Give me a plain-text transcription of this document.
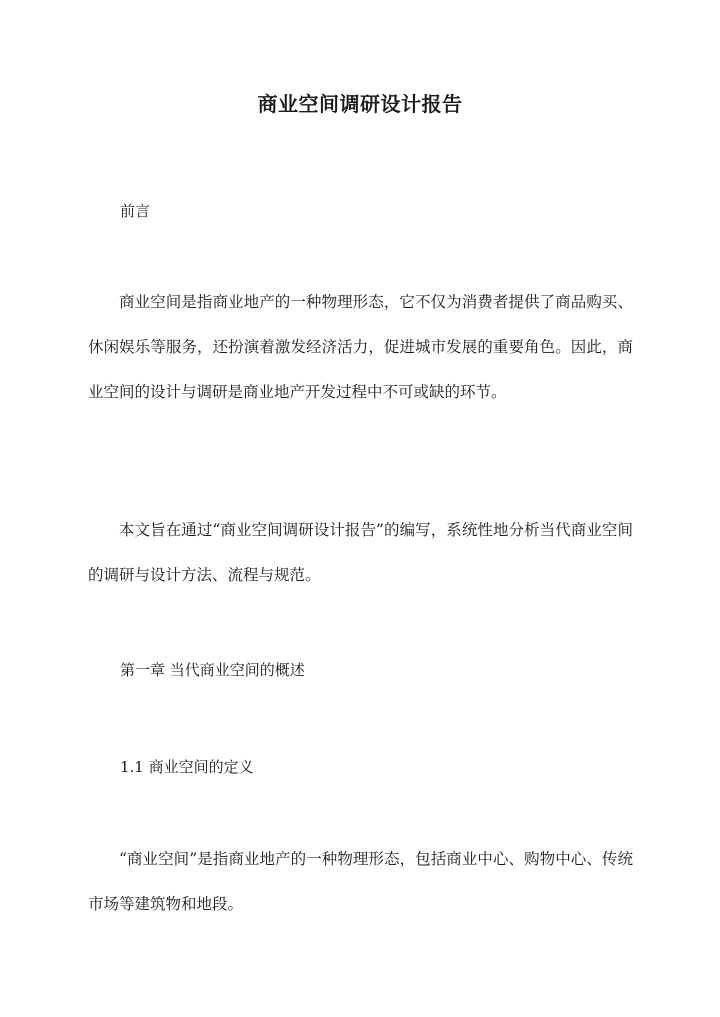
商业空间调研设计报告

前言

商业空间是指商业地产的一种物理形态，它不仅为消费者提供了商品购买、休闲娱乐等服务，还扮演着激发经济活力，促进城市发展的重要角色。因此，商业空间的设计与调研是商业地产开发过程中不可或缺的环节。

本文旨在通过“商业空间调研设计报告”的编写，系统性地分析当代商业空间的调研与设计方法、流程与规范。

第一章 当代商业空间的概述

1.1 商业空间的定义

“商业空间”是指商业地产的一种物理形态，包括商业中心、购物中心、传统市场等建筑物和地段。
